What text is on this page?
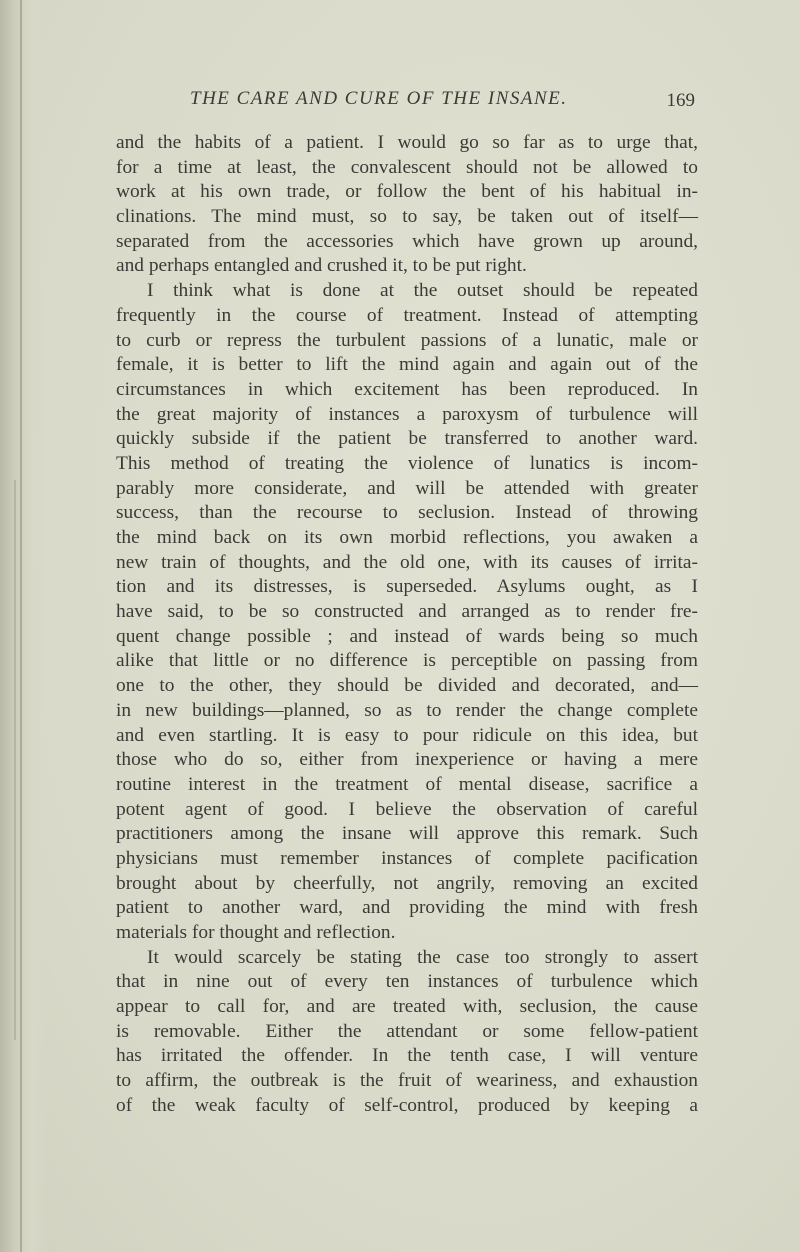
THE CARE AND CURE OF THE INSANE.	169
and the habits of a patient. I would go so far as to urge that,
for a time at least, the convalescent should not be allowed to
work at his own trade, or follow the bent of his habitual in-
clinations. The mind must, so to say, be taken out of itself—
separated from the accessories which have grown up around,
and perhaps entangled and crushed it, to be put right.
I think what is done at the outset should be repeated
frequently in the course of treatment. Instead of attempting
to curb or repress the turbulent passions of a lunatic, male or
female, it is better to lift the mind again and again out of the
circumstances in which excitement has been reproduced. In
the great majority of instances a paroxysm of turbulence will
quickly subside if the patient be transferred to another ward.
This method of treating the violence of lunatics is incom-
parably more considerate, and will be attended with greater
success, than the recourse to seclusion. Instead of throwing
the mind back on its own morbid reflections, you awaken a
new train of thoughts, and the old one, with its causes of irrita-
tion and its distresses, is superseded. Asylums ought, as I
have said, to be so constructed and arranged as to render fre-
quent change possible ; and instead of wards being so much
alike that little or no difference is perceptible on passing from
one to the other, they should be divided and decorated, and—
in new buildings—planned, so as to render the change complete
and even startling. It is easy to pour ridicule on this idea, but
those who do so, either from inexperience or having a mere
routine interest in the treatment of mental disease, sacrifice a
potent agent of good. I believe the observation of careful
practitioners among the insane will approve this remark. Such
physicians must remember instances of complete pacification
brought about by cheerfully, not angrily, removing an excited
patient to another ward, and providing the mind with fresh
materials for thought and reflection.
It would scarcely be stating the case too strongly to assert
that in nine out of every ten instances of turbulence which
appear to call for, and are treated with, seclusion, the cause
is removable. Either the attendant or some fellow-patient
has irritated the offender. In the tenth case, I will venture
to affirm, the outbreak is the fruit of weariness, and exhaustion
of the weak faculty of self-control, produced by keeping a
